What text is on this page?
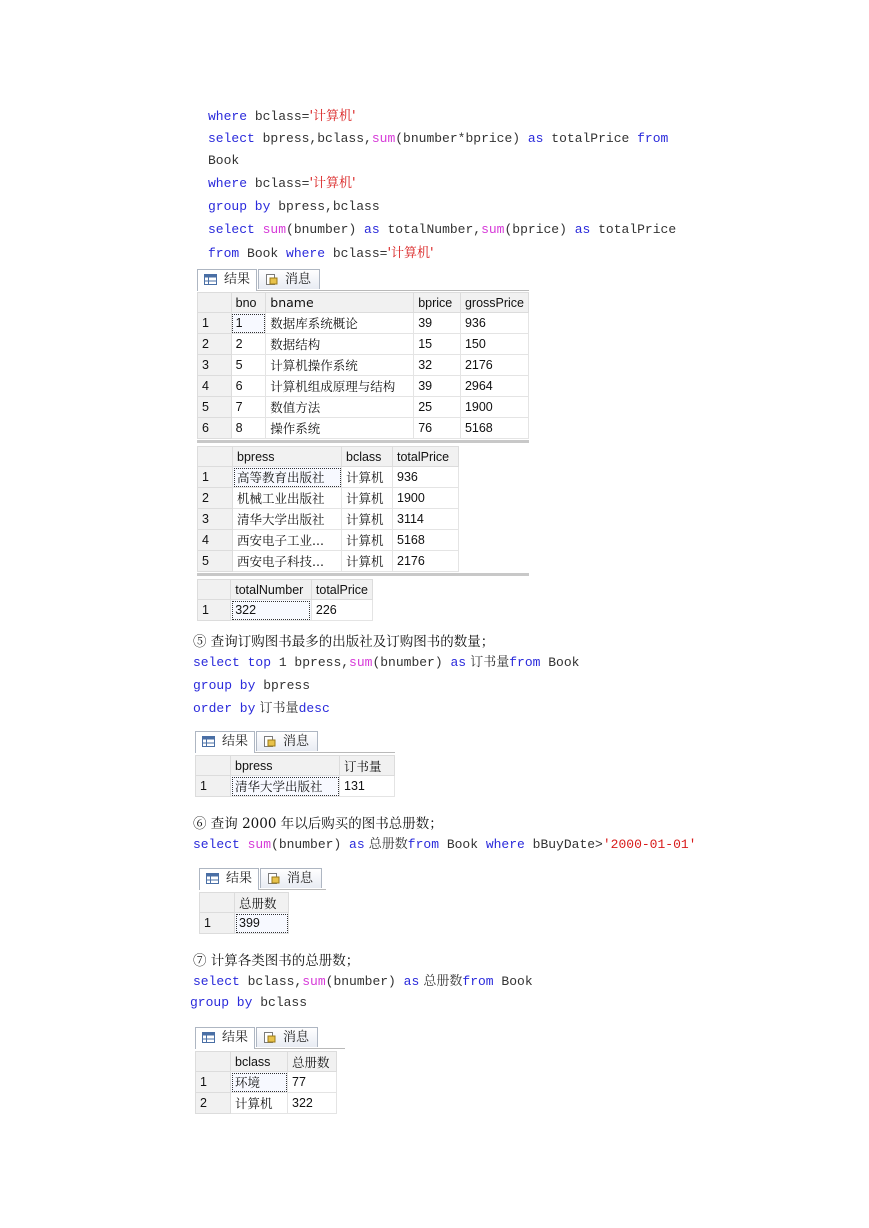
where bclass='计算机'
select bpress,bclass,sum(bnumber*bprice) as totalPrice from
Book
where bclass='计算机'
group by bpress,bclass
select sum(bnumber) as totalNumber,sum(bprice) as totalPrice
from Book where bclass='计算机'
结果	消息
	bno	bname	bprice	grossPrice
1	1	数据库系统概论	39	936
2	2	数据结构	15	150
3	5	计算机操作系统	32	2176
4	6	计算机组成原理与结构	39	2964
5	7	数值方法	25	1900
6	8	操作系统	76	5168
	bpress	bclass	totalPrice
1	高等教育出版社	计算机	936
2	机械工业出版社	计算机	1900
3	清华大学出版社	计算机	3114
4	西安电子工业...	计算机	5168
5	西安电子科技...	计算机	2176
	totalNumber	totalPrice
1	322	226
⑤ 查询订购图书最多的出版社及订购图书的数量；
select top 1 bpress,sum(bnumber) as 订书量from Book
group by bpress
order by 订书量desc
结果	消息
	bpress	订书量
1	清华大学出版社	131
⑥ 查询 2000 年以后购买的图书总册数；
select sum(bnumber) as 总册数from Book where bBuyDate>'2000-01-01'
结果	消息
	总册数
1	399
⑦ 计算各类图书的总册数；
select bclass,sum(bnumber) as 总册数from Book
group by bclass
结果	消息
	bclass	总册数
1	环境	77
2	计算机	322
